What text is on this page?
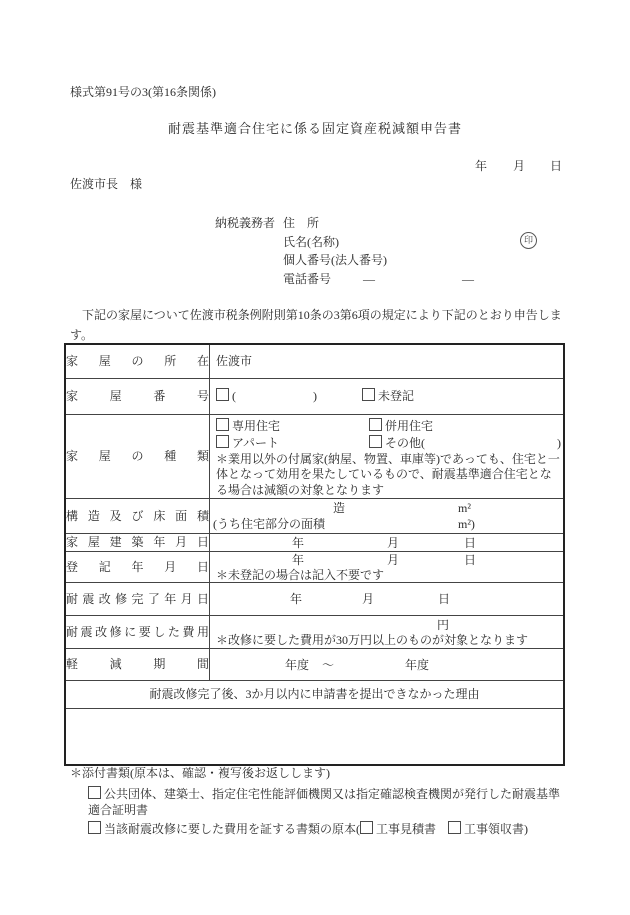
様式第91号の3(第16条関係)
耐震基準適合住宅に係る固定資産税減額申告書
年 月 日
佐渡市長　様
納税義務者 住　所
氏名(名称)
個人番号(法人番号)
電話番号	—	—
印

　下記の家屋について佐渡市税条例附則第10条の3第6項の規定により下記のとおり申告します。

家屋の所在	佐渡市

家屋番号	( ) 未登記

家屋の種類	
専用住宅	併用住宅
アパート	その他(	)
＊業用以外の付属家(納屋、物置、車庫等)であっても、住宅と一体となって効用を果たしているもので、耐震基準適合住宅となる場合は減額の対象となります

構造及び床面積	造 m²
(うち住宅部分の面積 m²)

家屋建築年月日	年 月 日

登記年月日	年 月 日
＊未登記の場合は記入不要です

耐震改修完了年月日	年 月 日

耐震改修に要した費用	円
＊改修に要した費用が30万円以上のものが対象となります

軽減期間	年度 ～ 年度

耐震改修完了後、3か月以内に申請書を提出できなかった理由	

＊添付書類(原本は、確認・複写後お返しします)
公共団体、建築士、指定住宅性能評価機関又は指定確認検査機関が発行した耐震基準適合証明書
当該耐震改修に要した費用を証する書類の原本( 工事見積書　 工事領収書)
